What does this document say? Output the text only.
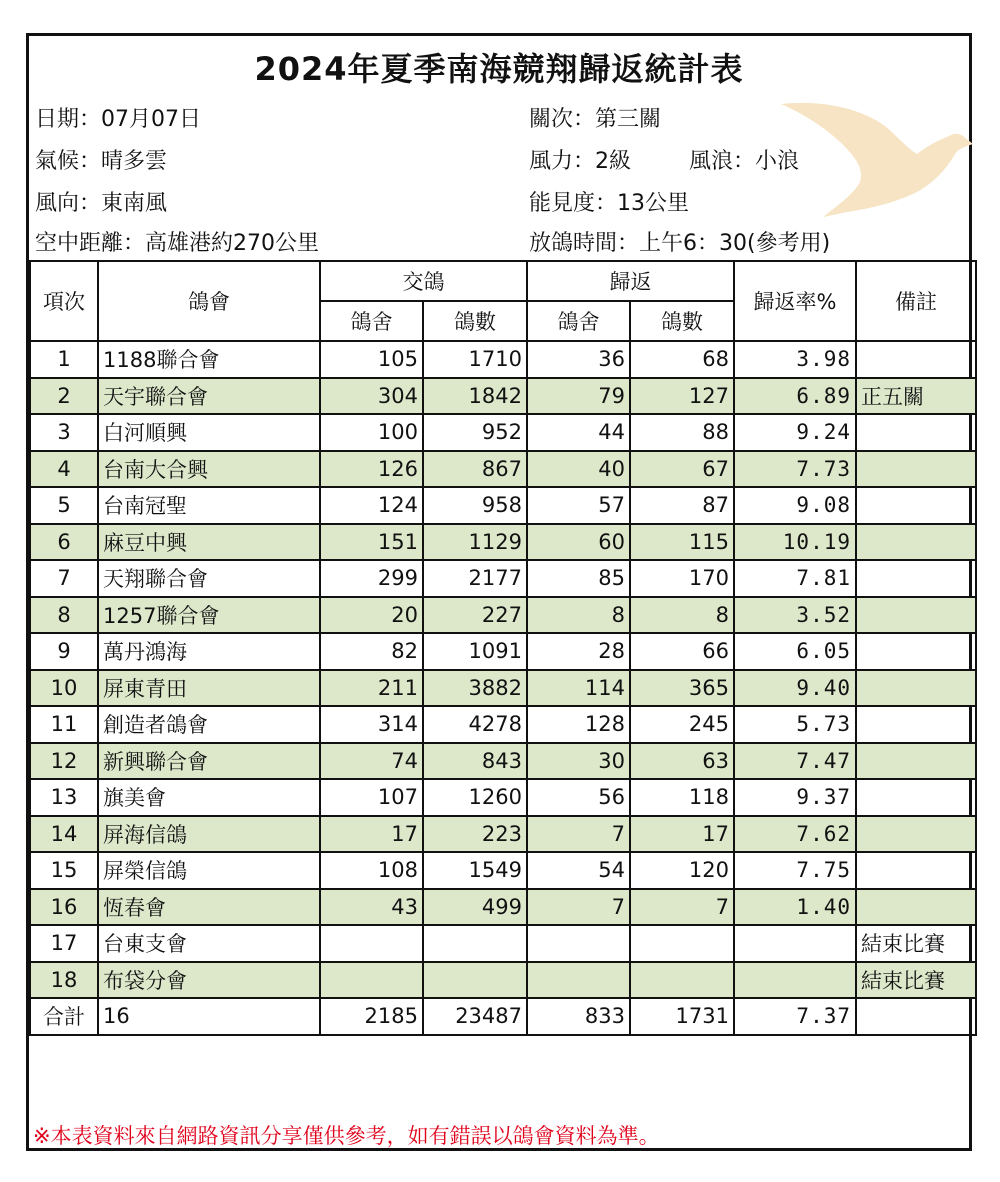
2024年夏季南海競翔歸返統計表
日期：07月07日
氣候：晴多雲
風向：東南風
空中距離：高雄港約270公里
關次：第三關
風力：2級	風浪：小浪
能見度：13公里
放鴿時間：上午6：30(參考用)
項次	鴿會	交鴿		歸返		歸返率%	備註
		鴿舍	鴿數	鴿舍	鴿數		
1	1188聯合會	105	1710	36	68	3.98	
2	天宇聯合會	304	1842	79	127	6.89	正五關
3	白河順興	100	952	44	88	9.24	
4	台南大合興	126	867	40	67	7.73	
5	台南冠聖	124	958	57	87	9.08	
6	麻豆中興	151	1129	60	115	10.19	
7	天翔聯合會	299	2177	85	170	7.81	
8	1257聯合會	20	227	8	8	3.52	
9	萬丹鴻海	82	1091	28	66	6.05	
10	屏東青田	211	3882	114	365	9.40	
11	創造者鴿會	314	4278	128	245	5.73	
12	新興聯合會	74	843	30	63	7.47	
13	旗美會	107	1260	56	118	9.37	
14	屏海信鴿	17	223	7	17	7.62	
15	屏榮信鴿	108	1549	54	120	7.75	
16	恆春會	43	499	7	7	1.40	
17	台東支會						結束比賽
18	布袋分會						結束比賽
合計	16	2185	23487	833	1731	7.37	
※本表資料來自網路資訊分享僅供參考，如有錯誤以鴿會資料為準。
